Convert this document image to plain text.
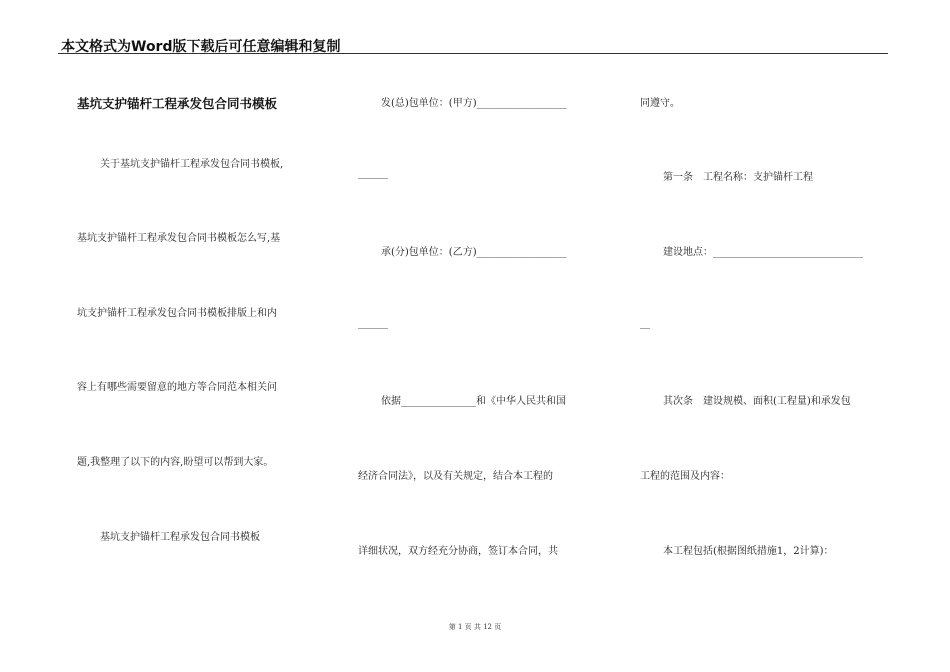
本文格式为Word版下载后可任意编辑和复制
基坑支护锚杆工程承发包合同书模板
关于基坑支护锚杆工程承发包合同书模板,
基坑支护锚杆工程承发包合同书模板怎么写,基
坑支护锚杆工程承发包合同书模板排版上和内
容上有哪些需要留意的地方等合同范本相关问
题,我整理了以下的内容,盼望可以帮到大家。
基坑支护锚杆工程承发包合同书模板
发(总)包单位：(甲方)__________________
______
承(分)包单位：(乙方)__________________
______
依据_______________和《中华人民共和国
经济合同法》，以及有关规定，结合本工程的
详细状况，双方经充分协商，签订本合同，共
同遵守。
第一条　工程名称：支护锚杆工程
建设地点：______________________________
__
其次条　建设规模、面积(工程量)和承发包
工程的范围及内容：
本工程包括(根据图纸措施1，2计算)：
第 1 页 共 12 页
